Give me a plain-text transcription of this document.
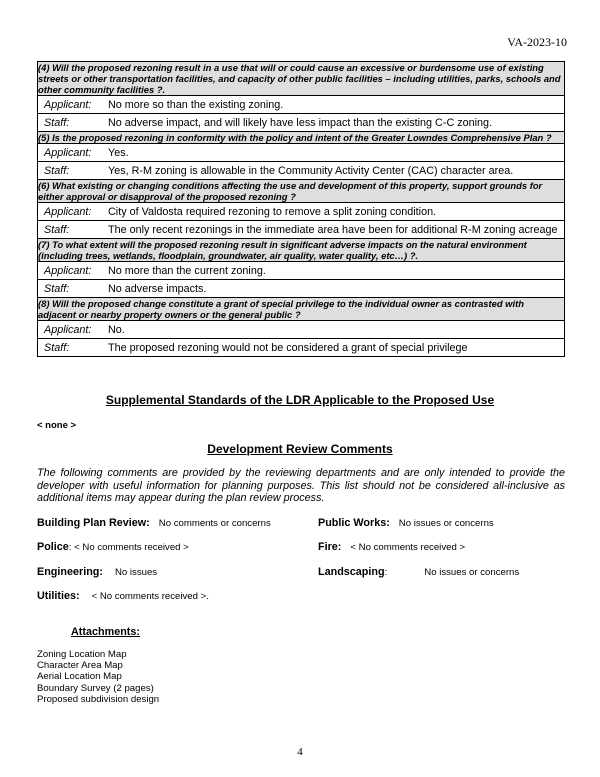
VA-2023-10
(4) Will the proposed rezoning result in a use that will or could cause an excessive or burdensome use of existing streets or other transportation facilities, and capacity of other public facilities – including utilities, parks, schools and other community facilities ?.
Applicant: No more so than the existing zoning.
Staff:	No adverse impact, and will likely have less impact than the existing C-C zoning.
(5) Is the proposed rezoning in conformity with the policy and intent of the Greater Lowndes Comprehensive Plan ?
Applicant: Yes.
Staff:	Yes, R-M zoning is allowable in the Community Activity Center (CAC) character area.
(6) What existing or changing conditions affecting the use and development of this property, support grounds for either approval or disapproval of the proposed rezoning ?
Applicant: City of Valdosta required rezoning to remove a split zoning condition.
Staff:	The only recent rezonings in the immediate area have been for additional R-M zoning acreage
(7) To what extent will the proposed rezoning result in significant adverse impacts on the natural environment (including trees, wetlands, floodplain, groundwater, air quality, water quality, etc…) ?.
Applicant: No more than the current zoning.
Staff:	No adverse impacts.
(8) Will the proposed change constitute a grant of special privilege to the individual owner as contrasted with adjacent or nearby property owners or the general public ?
Applicant: No.
Staff:	The proposed rezoning would not be considered a grant of special privilege
Supplemental Standards of the LDR Applicable to the Proposed Use
< none >
Development Review Comments
The following comments are provided by the reviewing departments and are only intended to provide the developer with useful information for planning purposes. This list should not be considered all-inclusive as additional items may appear during the plan review process.
Building Plan Review: No comments or concerns	Public Works: No issues or concerns
Police: < No comments received >	Fire: < No comments received >
Engineering: No issues	Landscaping:	No issues or concerns
Utilities: < No comments received >.
Attachments:
Zoning Location Map
Character Area Map
Aerial Location Map
Boundary Survey (2 pages)
Proposed subdivision design
4
